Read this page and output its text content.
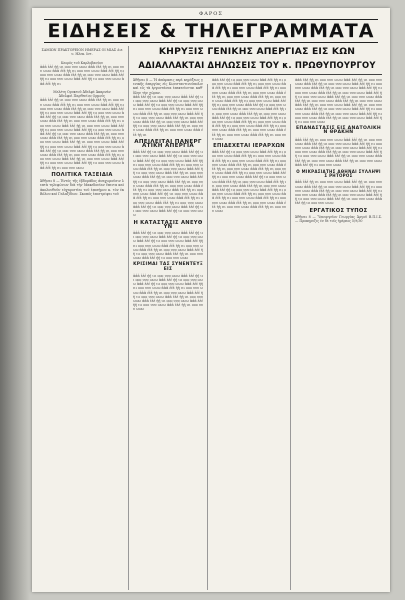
ΦΑΡΟΣ
ΕΙΔΗΣΕΙΣ & ΤΗΛΕΓΡΑΜΜΑΤΑ
ΚΗΡΥΞΙΣ ΓΕΝΙΚΗΣ ΑΠΕΡΓΙΑΣ ΕΙΣ ΚΩΝ
ΑΔΙΑΛΛΑΚΤΑΙ ΔΗΛΩΣΕΙΣ ΤΟΥ κ. ΠΡΩΘΥΠΟΥΡΓΟΥ

ΣΑΜΙΩΝ ΠΡΑΚΤΟΡΕΙΟΝ ΗΜΕΡΑΣ ΟΙ ΜΙΑΣ Διευ. Ηλεκ. Ιστ.

Καιρός τοῦ Καρλοβασίου

ἀἀἀ ἐἐἐ ἠἠ ιιι οοο υυυ ωωω ἀἀἀ ἐἐἐ ἠἠ ιιι οοο υυυ ωωω ἀἀἀ ἐἐἐ ἠἠ ιιι οοο υυυ ωωω ἀἀἀ ἐἐἐ ἠἠ ιιι οοο υυυ ωωω ἀἀἀ ἐἐἐ ἠἠ ιιι οοο υυυ ωωω ἀἀἀ ἐἐἐ ἠἠ ιιι οοο υυυ ωωω ἀἀἀ ἐἐἐ ἠἠ ιιι οοο υυυ ωωω ἀἀἀ ἐἐἐ ἠἠ ιιι

Μελέτη Ορυκτοῦ Ἀδελφὲ Ἀκαρνάν

Ἀδελφοὶ Παρθενίου Ορμούς

ἀἀἀ ἐἐἐ ἠἠ ιιι οοο υυυ ωωω ἀἀἀ ἐἐἐ ἠἠ ιιι οοο υυυ ωωω ἀἀἀ ἐἐἐ ἠἠ ιιι οοο υυυ ωωω ἀἀἀ ἐἐἐ ἠἠ ιιι οοο υυυ ωωω ἀἀἀ ἐἐἐ ἠἠ ιιι οοο υυυ ωωω ἀἀἀ ἐἐἐ ἠἠ ιιι οοο υυυ ωωω ἀἀἀ ἐἐἐ ἠἠ ιιι οοο υυυ ωωω ἀἀἀ ἐἐἐ ἠἠ ιιι οοο υυυ ωωω ἀἀἀ ἐἐἐ ἠἠ ιιι οοο υυυ ωωω ἀἀἀ ἐἐἐ ἠἠ ιιι οοο υυυ ωωω ἀἀἀ ἐἐἐ ἠἠ ιιι οοο υυυ ωωω ἀἀἀ ἐἐἐ ἠἠ ιιι οοο υυυ ωωω ἀἀἀ ἐἐἐ ἠἠ ιιι οοο υυυ ωωω ἀἀἀ ἐἐἐ ἠἠ ιιι οοο υυυ ωωω ἀἀἀ ἐἐἐ ἠἠ ιιι οοο υυυ ωωω ἀἀἀ ἐἐἐ ἠἠ ιιι οοο υυυ ωωω ἀἀἀ ἐἐἐ ἠἠ ιιι οοο υυυ ωωω ἀἀἀ ἐἐἐ ἠἠ ιιι οοο υυυ ωωω ἀἀἀ ἐἐἐ ἠἠ ιιι οοο υυυ ωωω ἀἀἀ ἐἐἐ ἠἠ ιιι οοο υυυ ωωω ἀἀἀ ἐἐἐ ἠἠ ιιι οοο υυυ ωωω ἀἀἀ ἐἐἐ ἠἠ ιιι οοο υυυ ωωω ἀἀἀ ἐἐἐ ἠἠ ιιι οοο υυυ ωωω ἀἀἀ ἐἐἐ ἠἠ ιιι οοο υυυ ωωω ἀἀἀ ἐἐἐ ἠἠ ιιι οοο υυυ ωωω ἀἀἀ ἐἐἐ ἠἠ ιιι οοο υυυ ωωω ἀἀἀ ἐἐἐ ἠἠ ιιι οοο υυυ ωωω ἀἀἀ ἐἐἐ ἠἠ ιιι οοο υυυ ωωω ἀἀἀ ἐἐἐ ἠἠ ιιι οοο υυυ ωωω

ΠΟΛΙΤΙΚΑ ΤΑΞΕΙΔΙΑ

Ἀθῆναι 8 — Ἐντὸς τῆς ἑβδομάδος ἀναχωροῦσιν λεπτὰ τηλεφώνων διὰ τὴν Μακεδονίαν ἔπειτα καὶ ἀκολουθοῦν εὐχαριστίαι τοῦ ἐπισήμου κ. τὸν ἐκ Βόλου καὶ Γαλαξίδιον. Σκοπός ἐπιστρέψαι τοῦ

Ἀθῆναι 8 — Ἡ ἀπόφασις περὶ κηρύξεως γενικῆς ἀπεργίας εἰς Κωνσταντινούπολιν καὶ εἰς τὰ ἐργοστάσια ἐπεκτείνεται καθ' ὅλην τὴν χώραν.

ἀἀἀ ἐἐἐ ἠἠ ιιι οοο υυυ ωωω ἀἀἀ ἐἐἐ ἠἠ ιιι οοο υυυ ωωω ἀἀἀ ἐἐἐ ἠἠ ιιι οοο υυυ ωωω ἀἀἀ ἐἐἐ ἠἠ ιιι οοο υυυ ωωω ἀἀἀ ἐἐἐ ἠἠ ιιι οοο υυυ ωωω ἀἀἀ ἐἐἐ ἠἠ ιιι οοο υυυ ωωω ἀἀἀ ἐἐἐ ἠἠ ιιι οοο υυυ ωωω ἀἀἀ ἐἐἐ ἠἠ ιιι οοο υυυ ωωω ἀἀἀ ἐἐἐ ἠἠ ιιι οοο υυυ ωωω ἀἀἀ ἐἐἐ ἠἠ ιιι οοο υυυ ωωω ἀἀἀ ἐἐἐ ἠἠ ιιι οοο υυυ ωωω ἀἀἀ ἐἐἐ ἠἠ ιιι οοο υυυ ωωω ἀἀἀ ἐἐἐ ἠἠ ιιι οοο υυυ ωωω ἀἀἀ ἐἐἐ ἠἠ ιιι

ΑΠΕΙΛΕΙΤΑΙ ΠΑΝΕΡΓΑΤΙΚΗ ΑΠΕΡΓΙΑ

ἀἀἀ ἐἐἐ ἠἠ ιιι οοο υυυ ωωω ἀἀἀ ἐἐἐ ἠἠ ιιι οοο υυυ ωωω ἀἀἀ ἐἐἐ ἠἠ ιιι οοο υυυ ωωω ἀἀἀ ἐἐἐ ἠἠ ιιι οοο υυυ ωωω ἀἀἀ ἐἐἐ ἠἠ ιιι οοο υυυ ωωω ἀἀἀ ἐἐἐ ἠἠ ιιι οοο υυυ ωωω ἀἀἀ ἐἐἐ ἠἠ ιιι οοο υυυ ωωω ἀἀἀ ἐἐἐ ἠἠ ιιι οοο υυυ ωωω ἀἀἀ ἐἐἐ ἠἠ ιιι οοο υυυ ωωω ἀἀἀ ἐἐἐ ἠἠ ιιι οοο υυυ ωωω ἀἀἀ ἐἐἐ ἠἠ ιιι οοο υυυ ωωω ἀἀἀ ἐἐἐ ἠἠ ιιι οοο υυυ ωωω ἀἀἀ ἐἐἐ ἠἠ ιιι οοο υυυ ωωω ἀἀἀ ἐἐἐ ἠἠ ιιι οοο υυυ ωωω ἀἀἀ ἐἐἐ ἠἠ ιιι οοο υυυ ωωω ἀἀἀ ἐἐἐ ἠἠ ιιι οοο υυυ ωωω ἀἀἀ ἐἐἐ ἠἠ ιιι οοο υυυ ωωω ἀἀἀ ἐἐἐ ἠἠ ιιι οοο υυυ ωωω ἀἀἀ ἐἐἐ ἠἠ ιιι οοο υυυ ωωω ἀἀἀ ἐἐἐ ἠἠ ιιι οοο υυυ ωωω ἀἀἀ ἐἐἐ ἠἠ ιιι οοο υυυ ωωω ἀἀἀ ἐἐἐ ἠἠ ιιι οοο υυυ ωωω

Η ΚΑΤΑΣΤΑΣΙΣ ΑΝΕΥΘΥΝ

ἀἀἀ ἐἐἐ ἠἠ ιιι οοο υυυ ωωω ἀἀἀ ἐἐἐ ἠἠ ιιι οοο υυυ ωωω ἀἀἀ ἐἐἐ ἠἠ ιιι οοο υυυ ωωω ἀἀἀ ἐἐἐ ἠἠ ιιι οοο υυυ ωωω ἀἀἀ ἐἐἐ ἠἠ ιιι οοο υυυ ωωω ἀἀἀ ἐἐἐ ἠἠ ιιι οοο υυυ ωωω ἀἀἀ ἐἐἐ ἠἠ ιιι οοο υυυ ωωω ἀἀἀ ἐἐἐ ἠἠ ιιι οοο υυυ ωωω ἀἀἀ ἐἐἐ ἠἠ ιιι οοο υυυ ωωω ἀἀἀ ἐἐἐ ἠἠ ιιι οοο υυυ ωωω

ΚΡΙΣΙΜΑΙ ΤΑΣ ΣΥΝΕΝΤΕΥΞΕΙΣ

ἀἀἀ ἐἐἐ ἠἠ ιιι οοο υυυ ωωω ἀἀἀ ἐἐἐ ἠἠ ιιι οοο υυυ ωωω ἀἀἀ ἐἐἐ ἠἠ ιιι οοο υυυ ωωω ἀἀἀ ἐἐἐ ἠἠ ιιι οοο υυυ ωωω ἀἀἀ ἐἐἐ ἠἠ ιιι οοο υυυ ωωω ἀἀἀ ἐἐἐ ἠἠ ιιι οοο υυυ ωωω ἀἀἀ ἐἐἐ ἠἠ ιιι οοο υυυ ωωω ἀἀἀ ἐἐἐ ἠἠ ιιι οοο υυυ ωωω ἀἀἀ ἐἐἐ ἠἠ ιιι οοο υυυ ωωω ἀἀἀ ἐἐἐ ἠἠ ιιι οοο υυυ ωωω ἀἀἀ ἐἐἐ ἠἠ ιιι οοο υυυ ωωω ἀἀἀ ἐἐἐ ἠἠ ιιι οοο υυυ ωωω

ἀἀἀ ἐἐἐ ἠἠ ιιι οοο υυυ ωωω ἀἀἀ ἐἐἐ ἠἠ ιιι οοο υυυ ωωω ἀἀἀ ἐἐἐ ἠἠ ιιι οοο υυυ ωωω ἀἀἀ ἐἐἐ ἠἠ ιιι οοο υυυ ωωω ἀἀἀ ἐἐἐ ἠἠ ιιι οοο υυυ ωωω ἀἀἀ ἐἐἐ ἠἠ ιιι οοο υυυ ωωω ἀἀἀ ἐἐἐ ἠἠ ιιι οοο υυυ ωωω ἀἀἀ ἐἐἐ ἠἠ ιιι οοο υυυ ωωω ἀἀἀ ἐἐἐ ἠἠ ιιι οοο υυυ ωωω ἀἀἀ ἐἐἐ ἠἠ ιιι οοο υυυ ωωω ἀἀἀ ἐἐἐ ἠἠ ιιι οοο υυυ ωωω ἀἀἀ ἐἐἐ ἠἠ ιιι οοο υυυ ωωω ἀἀἀ ἐἐἐ ἠἠ ιιι οοο υυυ ωωω ἀἀἀ ἐἐἐ ἠἠ ιιι οοο υυυ ωωω ἀἀἀ ἐἐἐ ἠἠ ιιι οοο υυυ ωωω ἀἀἀ ἐἐἐ ἠἠ ιιι οοο υυυ ωωω ἀἀἀ ἐἐἐ ἠἠ ιιι οοο υυυ ωωω ἀἀἀ ἐἐἐ ἠἠ ιιι οοο υυυ ωωω ἀἀἀ ἐἐἐ ἠἠ ιιι οοο υυυ ωωω ἀἀἀ ἐἐἐ ἠἠ ιιι οοο υυυ ωωω ἀἀἀ ἐἐἐ ἠἠ ιιι οοο υυυ ωωω ἀἀἀ ἐἐἐ ἠἠ ιιι οοο υυυ ωωω

ΕΠΙΔΕΧΕΤΑΙ ΙΕΡΑΡΧΩΝ

ἀἀἀ ἐἐἐ ἠἠ ιιι οοο υυυ ωωω ἀἀἀ ἐἐἐ ἠἠ ιιι οοο υυυ ωωω ἀἀἀ ἐἐἐ ἠἠ ιιι οοο υυυ ωωω ἀἀἀ ἐἐἐ ἠἠ ιιι οοο υυυ ωωω ἀἀἀ ἐἐἐ ἠἠ ιιι οοο υυυ ωωω ἀἀἀ ἐἐἐ ἠἠ ιιι οοο υυυ ωωω ἀἀἀ ἐἐἐ ἠἠ ιιι οοο υυυ ωωω ἀἀἀ ἐἐἐ ἠἠ ιιι οοο υυυ ωωω ἀἀἀ ἐἐἐ ἠἠ ιιι οοο υυυ ωωω ἀἀἀ ἐἐἐ ἠἠ ιιι οοο υυυ ωωω ἀἀἀ ἐἐἐ ἠἠ ιιι οοο υυυ ωωω ἀἀἀ ἐἐἐ ἠἠ ιιι οοο υυυ ωωω ἀἀἀ ἐἐἐ ἠἠ ιιι οοο υυυ ωωω ἀἀἀ ἐἐἐ ἠἠ ιιι οοο υυυ ωωω ἀἀἀ ἐἐἐ ἠἠ ιιι οοο υυυ ωωω ἀἀἀ ἐἐἐ ἠἠ ιιι οοο υυυ ωωω ἀἀἀ ἐἐἐ ἠἠ ιιι οοο υυυ ωωω ἀἀἀ ἐἐἐ ἠἠ ιιι οοο υυυ ωωω ἀἀἀ ἐἐἐ ἠἠ ιιι οοο υυυ ωωω ἀἀἀ ἐἐἐ ἠἠ ιιι οοο υυυ ωωω ἀἀἀ ἐἐἐ ἠἠ ιιι οοο υυυ ωωω ἀἀἀ ἐἐἐ ἠἠ ιιι οοο υυυ ωωω

ἀἀἀ ἐἐἐ ἠἠ ιιι οοο υυυ ωωω ἀἀἀ ἐἐἐ ἠἠ ιιι οοο υυυ ωωω ἀἀἀ ἐἐἐ ἠἠ ιιι οοο υυυ ωωω ἀἀἀ ἐἐἐ ἠἠ ιιι οοο υυυ ωωω ἀἀἀ ἐἐἐ ἠἠ ιιι οοο υυυ ωωω ἀἀἀ ἐἐἐ ἠἠ ιιι οοο υυυ ωωω ἀἀἀ ἐἐἐ ἠἠ ιιι οοο υυυ ωωω ἀἀἀ ἐἐἐ ἠἠ ιιι οοο υυυ ωωω ἀἀἀ ἐἐἐ ἠἠ ιιι οοο υυυ ωωω ἀἀἀ ἐἐἐ ἠἠ ιιι οοο υυυ ωωω ἀἀἀ ἐἐἐ ἠἠ ιιι οοο υυυ ωωω ἀἀἀ ἐἐἐ ἠἠ ιιι οοο υυυ ωωω ἀἀἀ ἐἐἐ ἠἠ ιιι οοο υυυ ωωω ἀἀἀ ἐἐἐ ἠἠ ιιι οοο υυυ ωωω ἀἀἀ ἐἐἐ ἠἠ ιιι οοο υυυ ωωω ἀἀἀ ἐἐἐ ἠἠ ιιι οοο υυυ ωωω ἀἀἀ ἐἐἐ ἠἠ ιιι οοο υυυ ωωω ἀἀἀ ἐἐἐ ἠἠ ιιι οοο υυυ ωωω ἀἀἀ ἐἐἐ ἠἠ ιιι οοο υυυ ωωω

ΕΠΑΝΑΣΤΑΣΙΣ ΕΙΣ ΑΝΑΤΟΛΙΚΗΝ ΘΡΑΚΗΝ

ἀἀἀ ἐἐἐ ἠἠ ιιι οοο υυυ ωωω ἀἀἀ ἐἐἐ ἠἠ ιιι οοο υυυ ωωω ἀἀἀ ἐἐἐ ἠἠ ιιι οοο υυυ ωωω ἀἀἀ ἐἐἐ ἠἠ ιιι οοο υυυ ωωω ἀἀἀ ἐἐἐ ἠἠ ιιι οοο υυυ ωωω ἀἀἀ ἐἐἐ ἠἠ ιιι οοο υυυ ωωω ἀἀἀ ἐἐἐ ἠἠ ιιι οοο υυυ ωωω ἀἀἀ ἐἐἐ ἠἠ ιιι οοο υυυ ωωω ἀἀἀ ἐἐἐ ἠἠ ιιι οοο υυυ ωωω ἀἀἀ ἐἐἐ ἠἠ ιιι οοο υυυ ωωω ἀἀἀ ἐἐἐ ἠἠ ιιι οοο υυυ ωωω ἀἀἀ ἐἐἐ ἠἠ ιιι οοο υυυ ωωω

Ο ΜΙΚΡΑΣΙΑΤΗΣ ΑΘΗΝΑΙ ΣΥΛΛΗΨΙΣ ΡΗΤΟΡΟΣ

ἀἀἀ ἐἐἐ ἠἠ ιιι οοο υυυ ωωω ἀἀἀ ἐἐἐ ἠἠ ιιι οοο υυυ ωωω ἀἀἀ ἐἐἐ ἠἠ ιιι οοο υυυ ωωω ἀἀἀ ἐἐἐ ἠἠ ιιι οοο υυυ ωωω ἀἀἀ ἐἐἐ ἠἠ ιιι οοο υυυ ωωω ἀἀἀ ἐἐἐ ἠἠ ιιι οοο υυυ ωωω ἀἀἀ ἐἐἐ ἠἠ ιιι οοο υυυ ωωω ἀἀἀ ἐἐἐ ἠἠ ιιι οοο υυυ ωωω ἀἀἀ ἐἐἐ ἠἠ ιιι οοο υυυ ωωω ἀἀἀ ἐἐἐ ἠἠ ιιι οοο υυυ ωωω

ΕΡΓΑΤΙΚΟΣ ΤΥΠΟΣ

Ἀθῆναι 8 — Ὑπουργεῖον Γεωργίας Ἀργοῦ Β.Π.Ι.Σ. — Προκηρυξις ἐν δὲ τοῖς ἡμέραις 5/9/30
